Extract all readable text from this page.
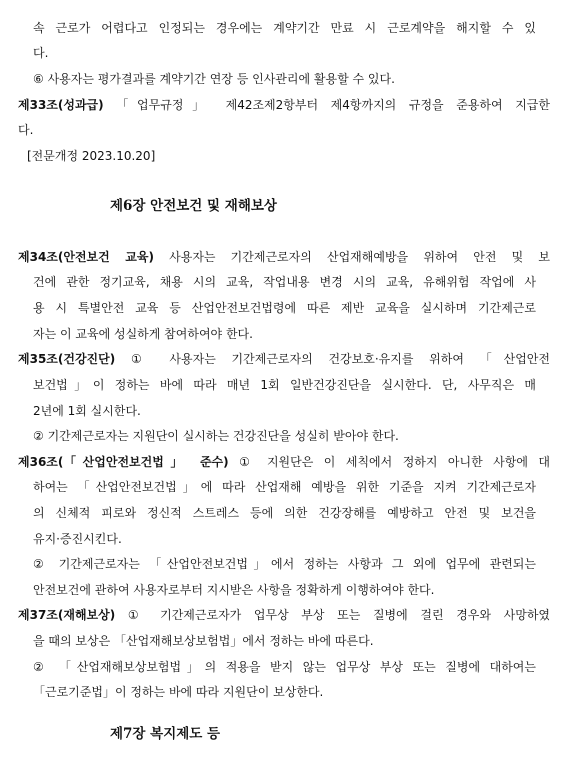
속 근로가 어렵다고 인정되는 경우에는 계약기간 만료 시 근로계약을 해지할 수 있
다.
⑥ 사용자는 평가결과를 계약기간 연장 등 인사관리에 활용할 수 있다.
제33조(성과급) 「업무규정」 제42조제2항부터 제4항까지의 규정을 준용하여 지급한
다.
[전문개정 2023.10.20]
제6장 안전보건 및 재해보상
제34조(안전보건 교육) 사용자는 기간제근로자의 산업재해예방을 위하여 안전 및 보
건에 관한 정기교육, 채용 시의 교육, 작업내용 변경 시의 교육, 유해위험 작업에 사
용 시 특별안전 교육 등 산업안전보건법령에 따른 제반 교육을 실시하며 기간제근로
자는 이 교육에 성실하게 참여하여야 한다.
제35조(건강진단) ① 사용자는 기간제근로자의 건강보호·유지를 위하여 「산업안전
보건법」이 정하는 바에 따라 매년 1회 일반건강진단을 실시한다. 단, 사무직은 매
2년에 1회 실시한다.
② 기간제근로자는 지원단이 실시하는 건강진단을 성실히 받아야 한다.
제36조(「산업안전보건법」 준수) ① 지원단은 이 세칙에서 정하지 아니한 사항에 대
하여는 「산업안전보건법」에 따라 산업재해 예방을 위한 기준을 지켜 기간제근로자
의 신체적 피로와 정신적 스트레스 등에 의한 건강장해를 예방하고 안전 및 보건을
유지·증진시킨다.
② 기간제근로자는 「산업안전보건법」에서 정하는 사항과 그 외에 업무에 관련되는
안전보건에 관하여 사용자로부터 지시받은 사항을 정확하게 이행하여야 한다.
제37조(재해보상) ① 기간제근로자가 업무상 부상 또는 질병에 걸린 경우와 사망하였
을 때의 보상은 「산업재해보상보험법」에서 정하는 바에 따른다.
② 「산업재해보상보험법」의 적용을 받지 않는 업무상 부상 또는 질병에 대하여는
「근로기준법」이 정하는 바에 따라 지원단이 보상한다.
제7장 복지제도 등
